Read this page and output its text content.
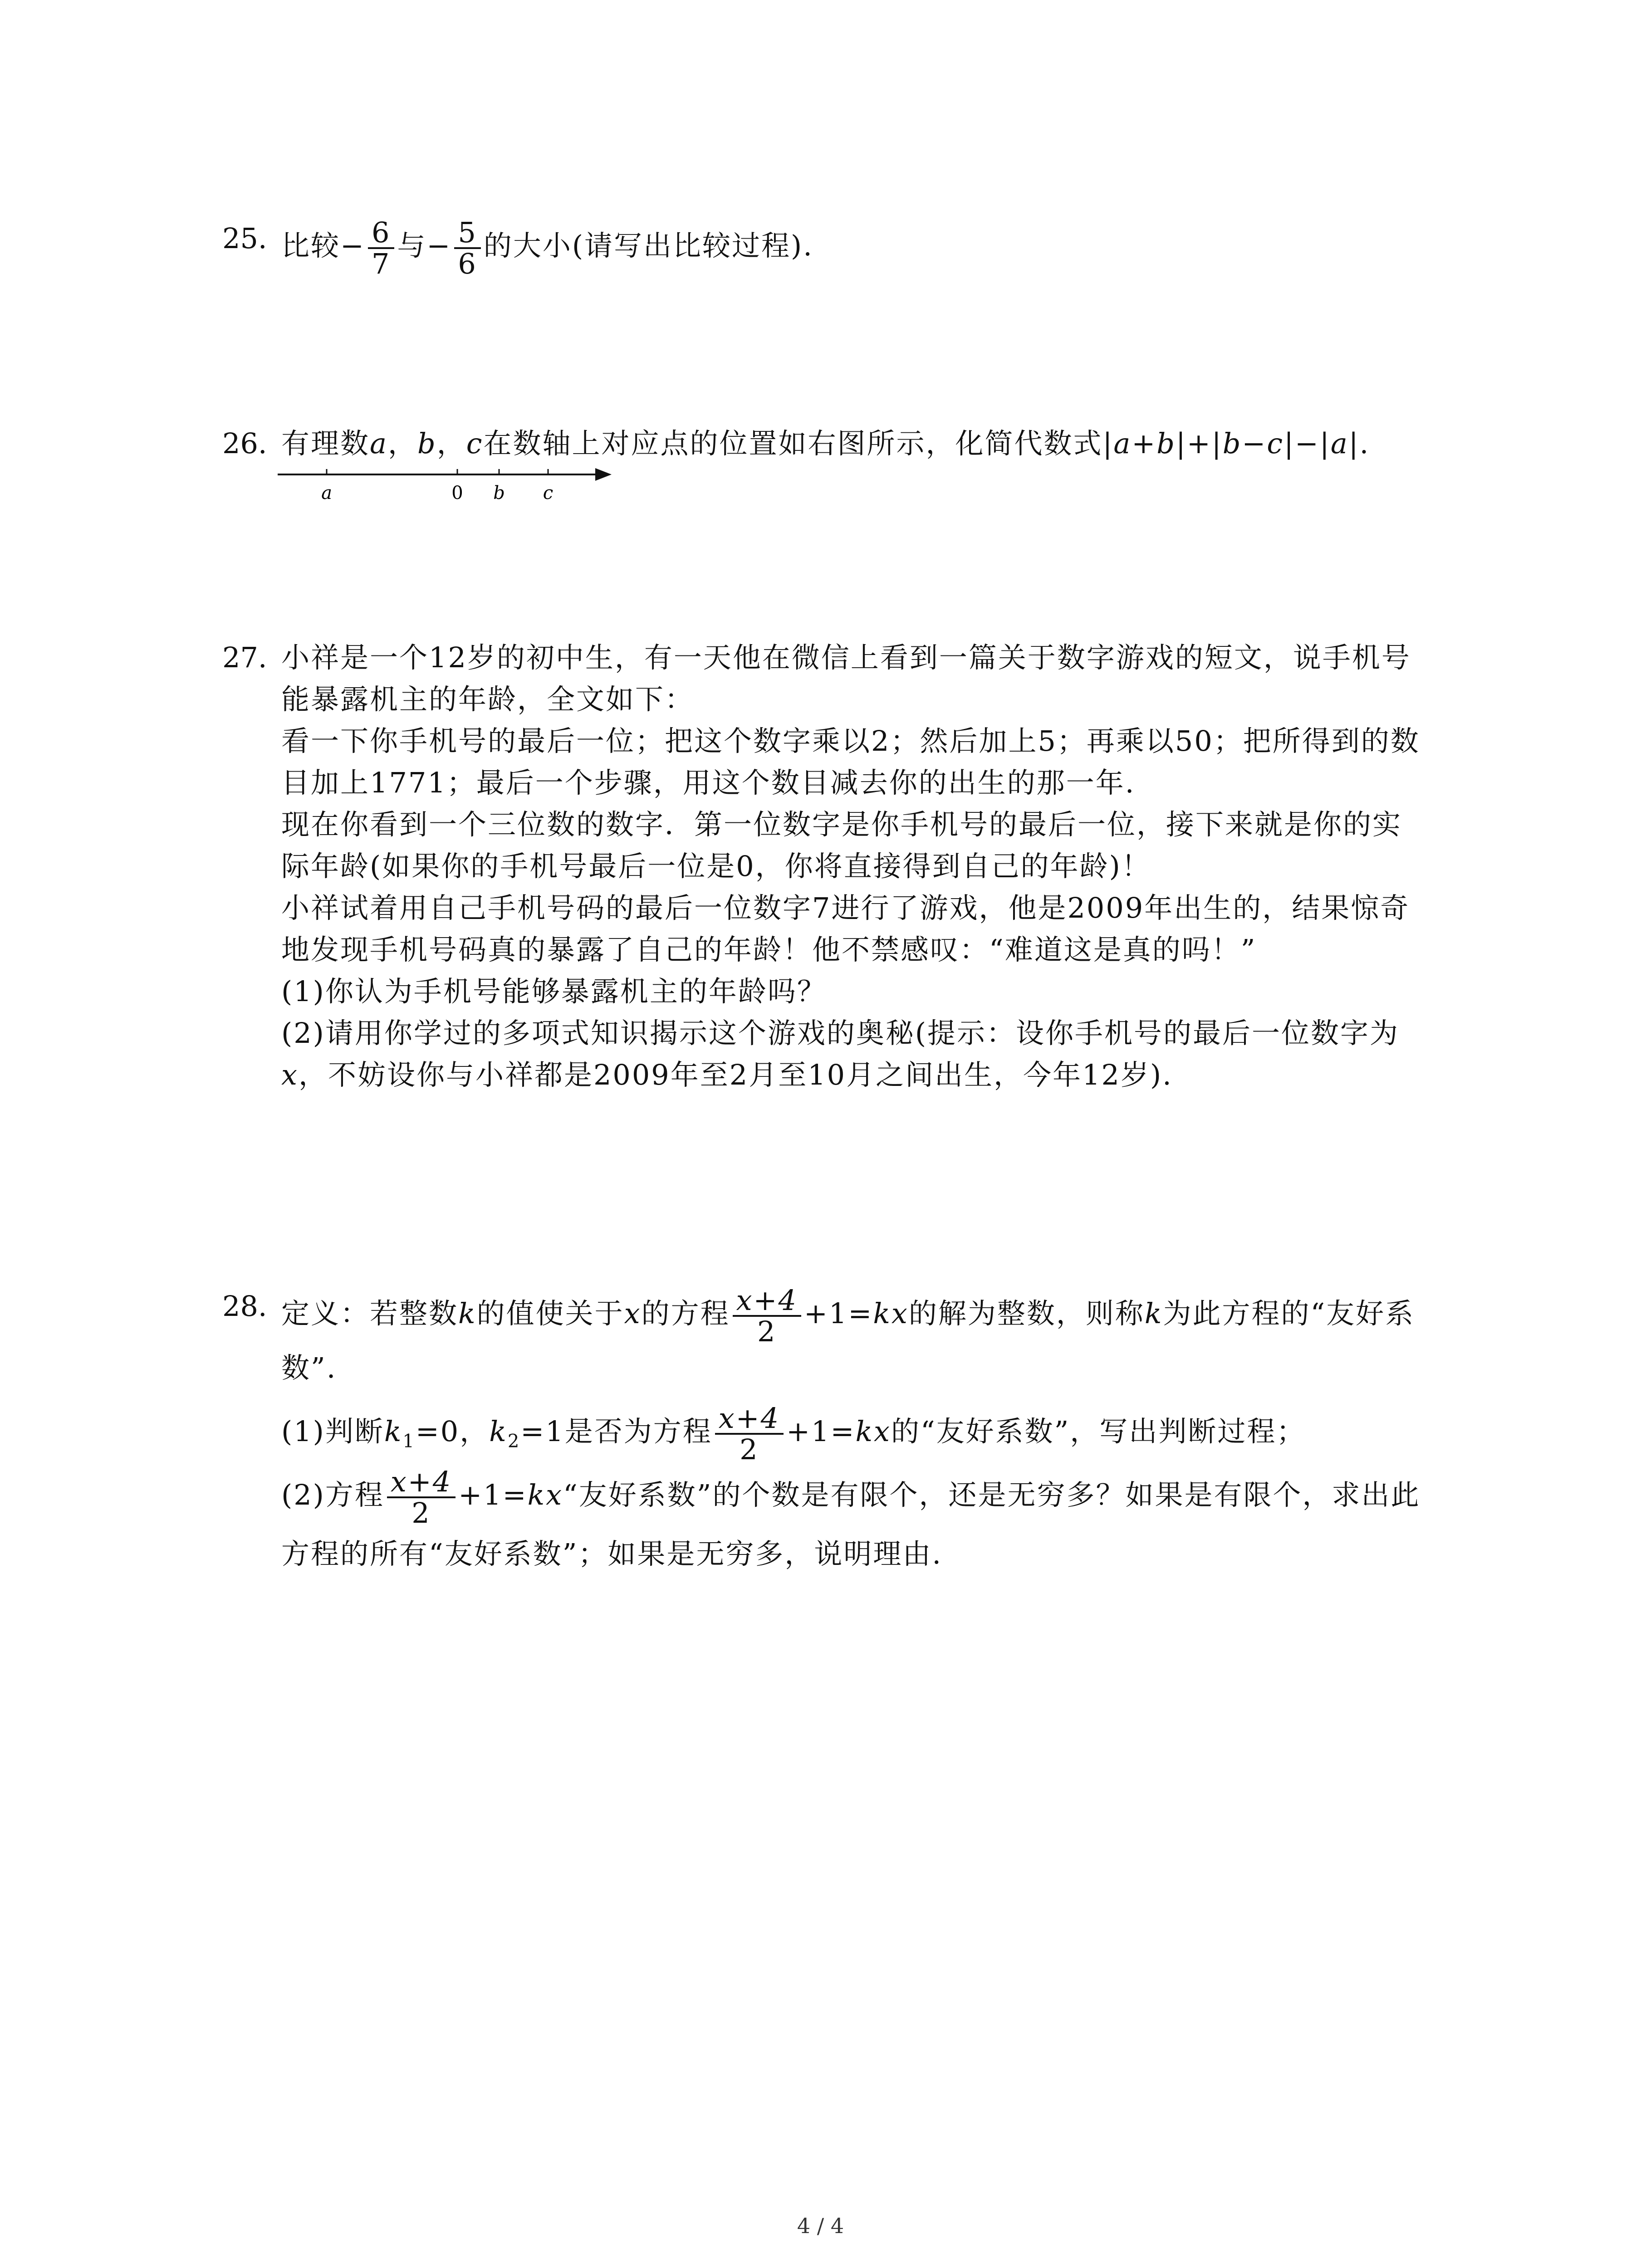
25. 比较− $\frac{6}{7}$ 与− $\frac{5}{6}$ 的大小(请写出比较过程).
26. 有理数a，b，c在数轴上对应点的位置如右图所示，化简代数式|a+b|+|b−c|−|a|.
a	0 b c
27. 小祥是一个12岁的初中生，有一天他在微信上看到一篇关于数字游戏的短文，说手机号
能暴露机主的年龄，全文如下：
看一下你手机号的最后一位；把这个数字乘以2；然后加上5；再乘以50；把所得到的数
目加上1771；最后一个步骤，用这个数目减去你的出生的那一年.
现在你看到一个三位数的数字．第一位数字是你手机号的最后一位，接下来就是你的实
际年龄(如果你的手机号最后一位是0，你将直接得到自己的年龄)！
小祥试着用自己手机号码的最后一位数字7进行了游戏，他是2009年出生的，结果惊奇
地发现手机号码真的暴露了自己的年龄！他不禁感叹：“难道这是真的吗！”
(1)你认为手机号能够暴露机主的年龄吗？
(2)请用你学过的多项式知识揭示这个游戏的奥秘(提示：设你手机号的最后一位数字为
x，不妨设你与小祥都是2009年至2月至10月之间出生，今年12岁).
28. 定义：若整数k的值使关于x的方程 $\frac{x+4}{2} +1=kx$的解为整数，则称k为此方程的“友好系
数”.
(1)判断$k_1=0$，$k_2=1$是否为方程 $\frac{x+4}{2} +1=kx$的“友好系数”，写出判断过程；
(2)方程 $\frac{x+4}{2}$ +1=kx“友好系数”的个数是有限个，还是无穷多？如果是有限个，求出此
方程的所有“友好系数”；如果是无穷多，说明理由.
4 / 4
